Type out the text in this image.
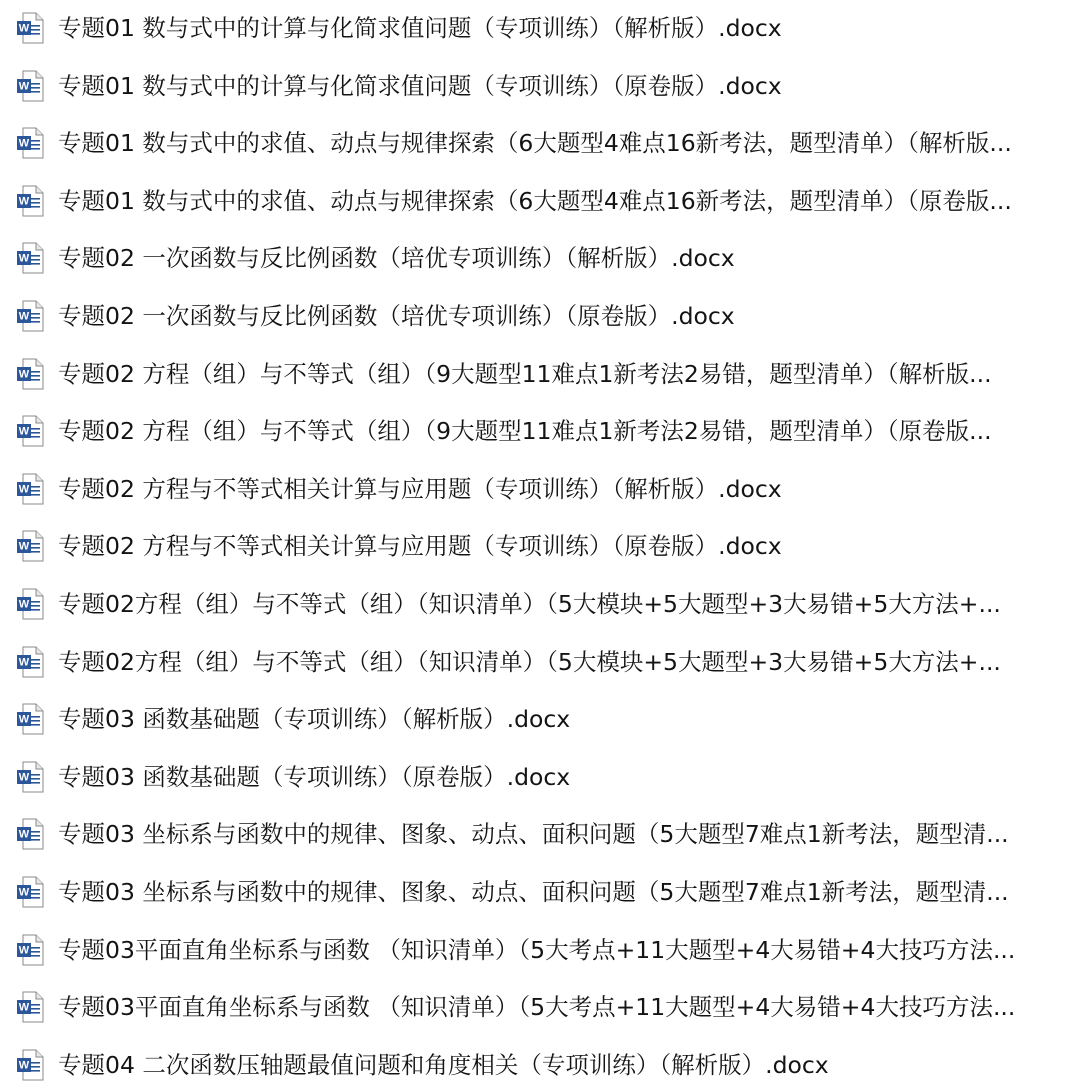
W 专题01 数与式中的计算与化简求值问题（专项训练）（解析版）.docx
W 专题01 数与式中的计算与化简求值问题（专项训练）（原卷版）.docx
W 专题01 数与式中的求值、动点与规律探索（6大题型4难点16新考法，题型清单）（解析版...
W 专题01 数与式中的求值、动点与规律探索（6大题型4难点16新考法，题型清单）（原卷版...
W 专题02 一次函数与反比例函数（培优专项训练）（解析版）.docx
W 专题02 一次函数与反比例函数（培优专项训练）（原卷版）.docx
W 专题02 方程（组）与不等式（组）（9大题型11难点1新考法2易错，题型清单）（解析版...
W 专题02 方程（组）与不等式（组）（9大题型11难点1新考法2易错，题型清单）（原卷版...
W 专题02 方程与不等式相关计算与应用题（专项训练）（解析版）.docx
W 专题02 方程与不等式相关计算与应用题（专项训练）（原卷版）.docx
W 专题02方程（组）与不等式（组）（知识清单）（5大模块+5大题型+3大易错+5大方法+...
W 专题02方程（组）与不等式（组）（知识清单）（5大模块+5大题型+3大易错+5大方法+...
W 专题03 函数基础题（专项训练）（解析版）.docx
W 专题03 函数基础题（专项训练）（原卷版）.docx
W 专题03 坐标系与函数中的规律、图象、动点、面积问题（5大题型7难点1新考法，题型清...
W 专题03 坐标系与函数中的规律、图象、动点、面积问题（5大题型7难点1新考法，题型清...
W 专题03平面直角坐标系与函数 （知识清单）（5大考点+11大题型+4大易错+4大技巧方法...
W 专题03平面直角坐标系与函数 （知识清单）（5大考点+11大题型+4大易错+4大技巧方法...
W 专题04 二次函数压轴题最值问题和角度相关（专项训练）（解析版）.docx
